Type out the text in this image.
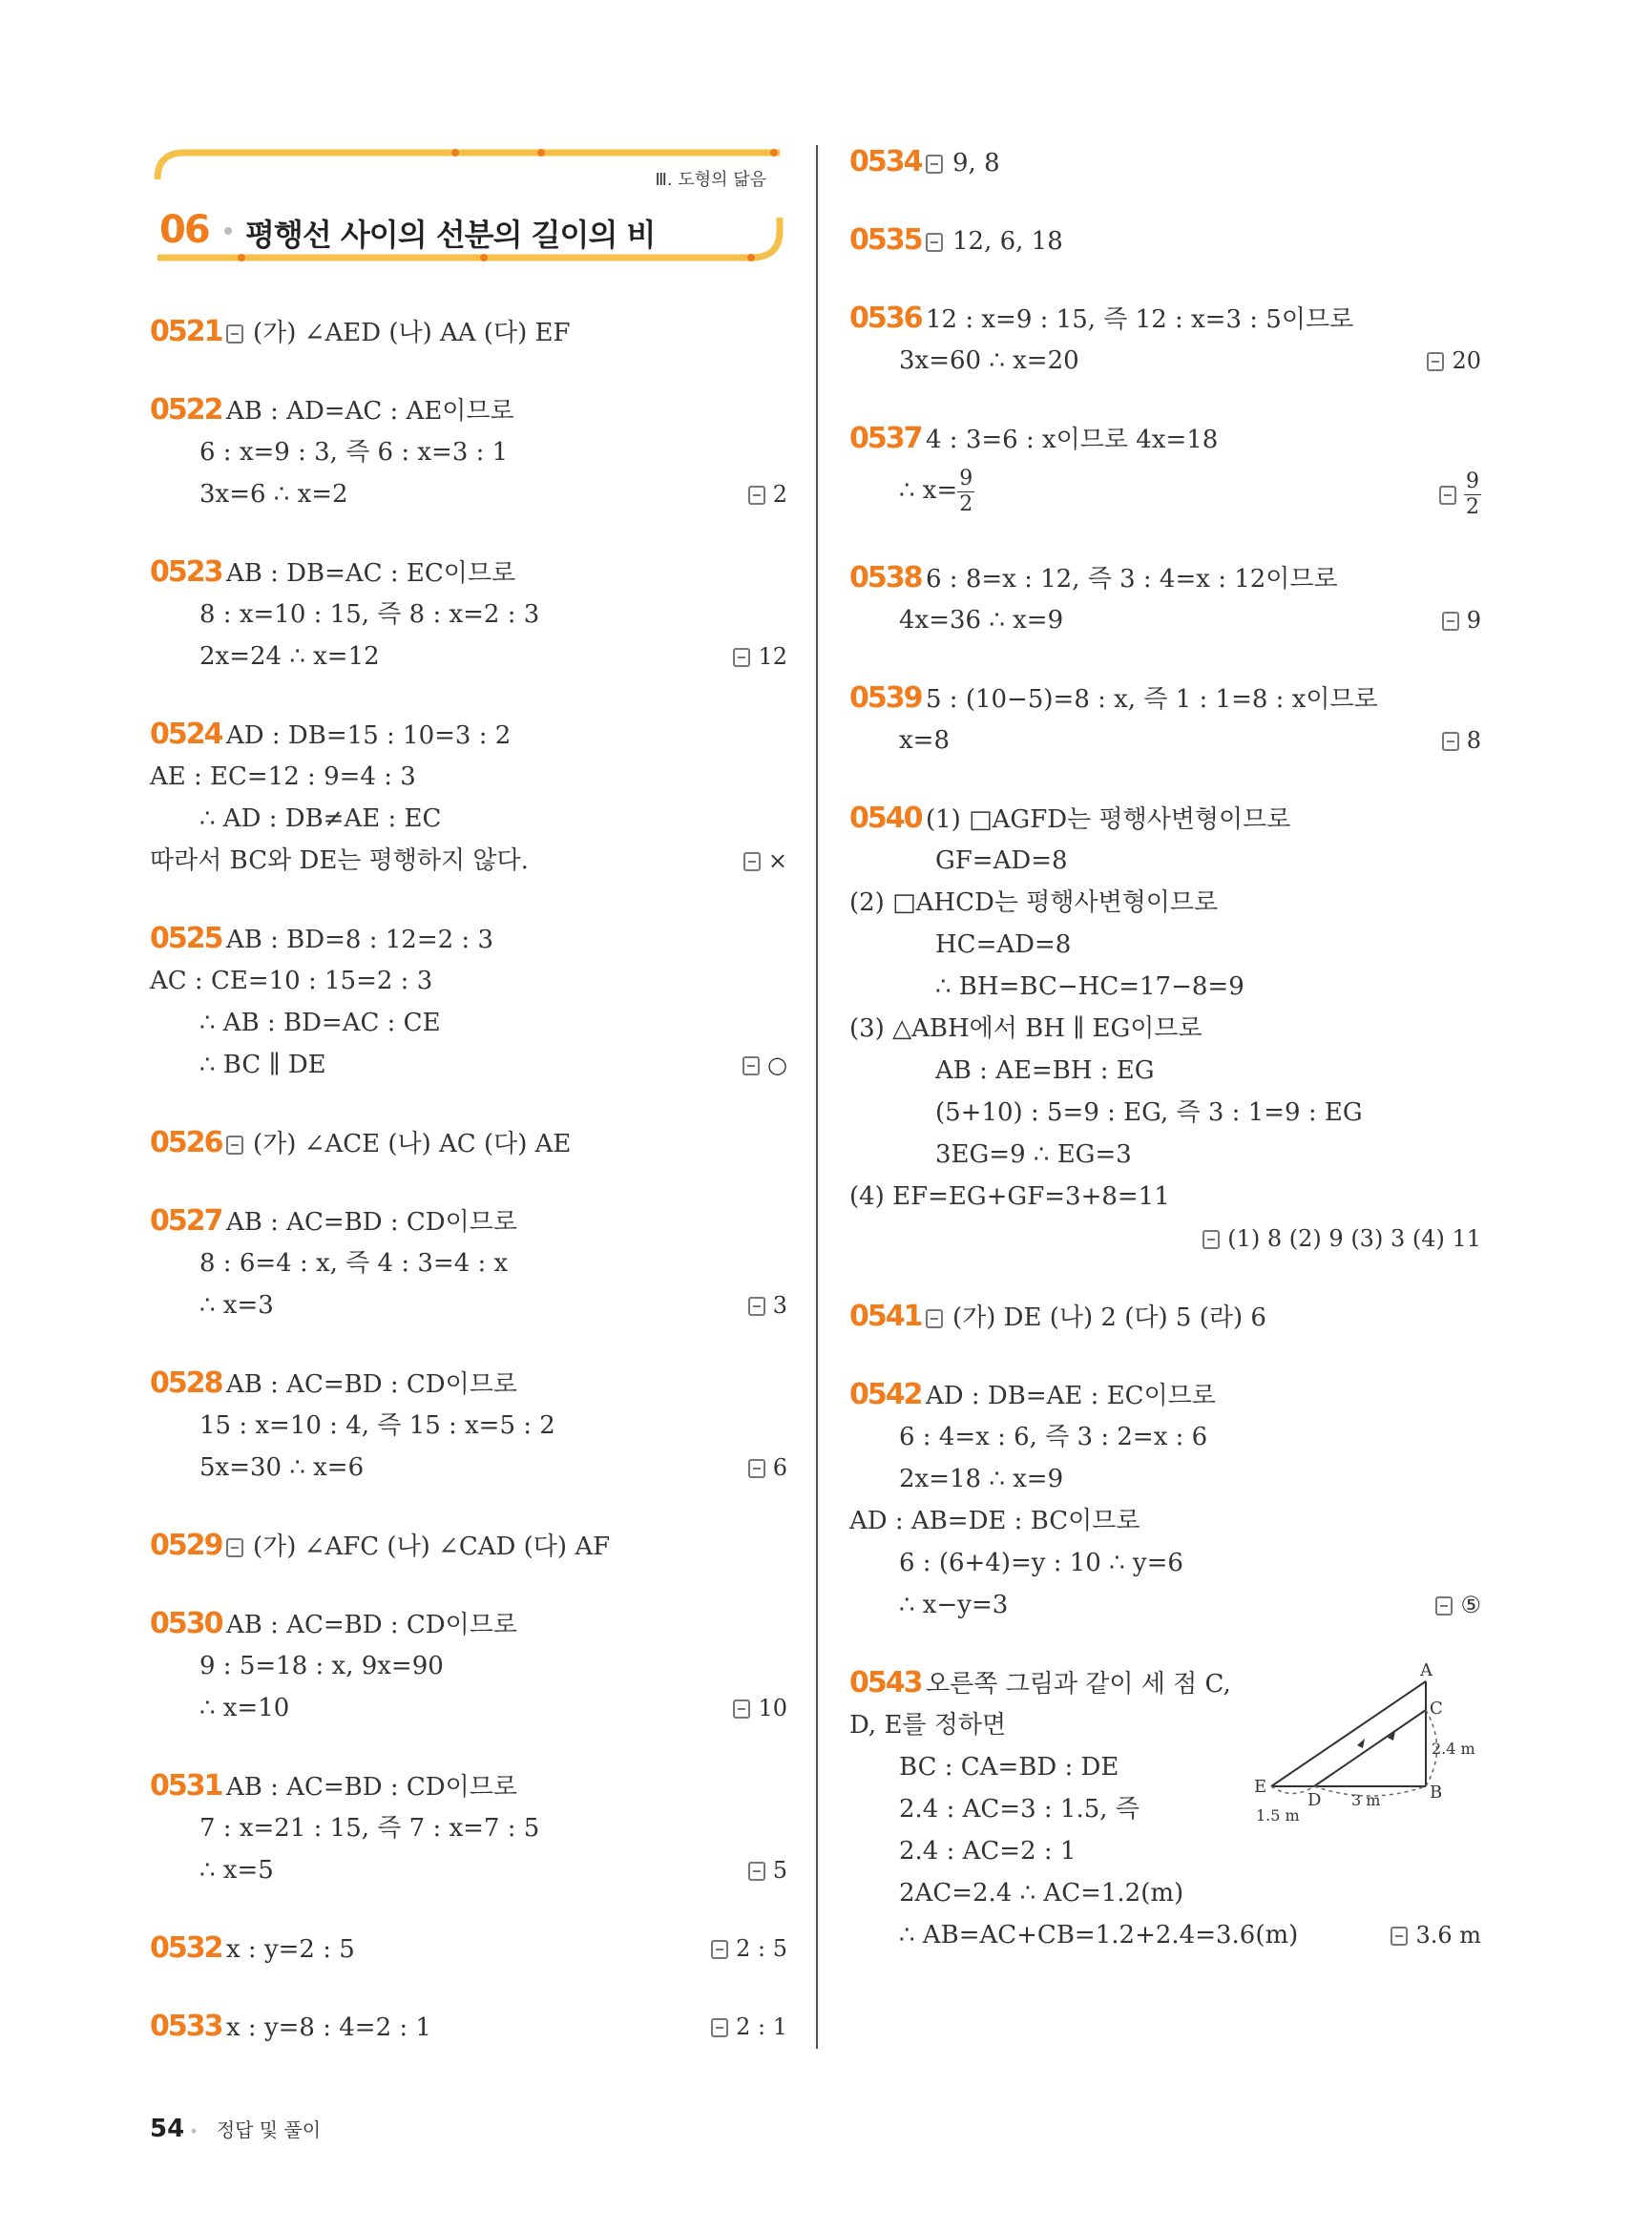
Ⅲ. 도형의 닮음
06 평행선 사이의 선분의 길이의 비
0521 (가) ∠AED (나) AA (다) EF
0522 AB : AD=AC : AE이므로
6 : x=9 : 3, 즉 6 : x=3 : 1
3x=6 ∴ x=2	2
0523 AB : DB=AC : EC이므로
8 : x=10 : 15, 즉 8 : x=2 : 3
2x=24 ∴ x=12	12
0524 AD : DB=15 : 10=3 : 2
AE : EC=12 : 9=4 : 3
∴ AD : DB≠AE : EC
따라서 BC와 DE는 평행하지 않다.	×
0525 AB : BD=8 : 12=2 : 3
AC : CE=10 : 15=2 : 3
∴ AB : BD=AC : CE
∴ BC ∥ DE	○
0526 (가) ∠ACE (나) AC (다) AE
0527 AB : AC=BD : CD이므로
8 : 6=4 : x, 즉 4 : 3=4 : x
∴ x=3	3
0528 AB : AC=BD : CD이므로
15 : x=10 : 4, 즉 15 : x=5 : 2
5x=30 ∴ x=6	6
0529 (가) ∠AFC (나) ∠CAD (다) AF
0530 AB : AC=BD : CD이므로
9 : 5=18 : x, 9x=90
∴ x=10	10
0531 AB : AC=BD : CD이므로
7 : x=21 : 15, 즉 7 : x=7 : 5
∴ x=5	5
0532 x : y=2 : 5	2 : 5
0533 x : y=8 : 4=2 : 1	2 : 1
0534 9, 8
0535 12, 6, 18
0536 12 : x=9 : 15, 즉 12 : x=3 : 5이므로
3x=60 ∴ x=20	20
0537 4 : 3=6 : x이므로 4x=18
∴ $x= \frac{9}{2}$	$\frac{9}{2}$
0538 6 : 8=x : 12, 즉 3 : 4=x : 12이므로
4x=36 ∴ x=9	9
0539 5 : (10−5)=8 : x, 즉 1 : 1=8 : x이므로
x=8	8
0540 (1) □AGFD는 평행사변형이므로
GF=AD=8
(2) □AHCD는 평행사변형이므로
HC=AD=8
∴ BH=BC−HC=17−8=9
(3) △ABH에서 BH ∥ EG이므로
AB : AE=BH : EG
(5+10) : 5=9 : EG, 즉 3 : 1=9 : EG
3EG=9 ∴ EG=3
(4) EF=EG+GF=3+8=11
(1) 8 (2) 9 (3) 3 (4) 11
0541 (가) DE (나) 2 (다) 5 (라) 6
0542 AD : DB=AE : EC이므로
6 : 4=x : 6, 즉 3 : 2=x : 6
2x=18 ∴ x=9
AD : AB=DE : BC이므로
6 : (6+4)=y : 10 ∴ y=6
∴ x−y=3	⑤
0543 오른쪽 그림과 같이 세 점 C,
D, E를 정하면
BC : CA=BD : DE
2.4 : AC=3 : 1.5, 즉
2.4 : AC=2 : 1
2AC=2.4 ∴ AC=1.2(m)
∴ AB=AC+CB=1.2+2.4=3.6(m)	3.6 m
A
C
B
D
E
2.4 m
3 m
1.5 m
54 • 정답 및 풀이
